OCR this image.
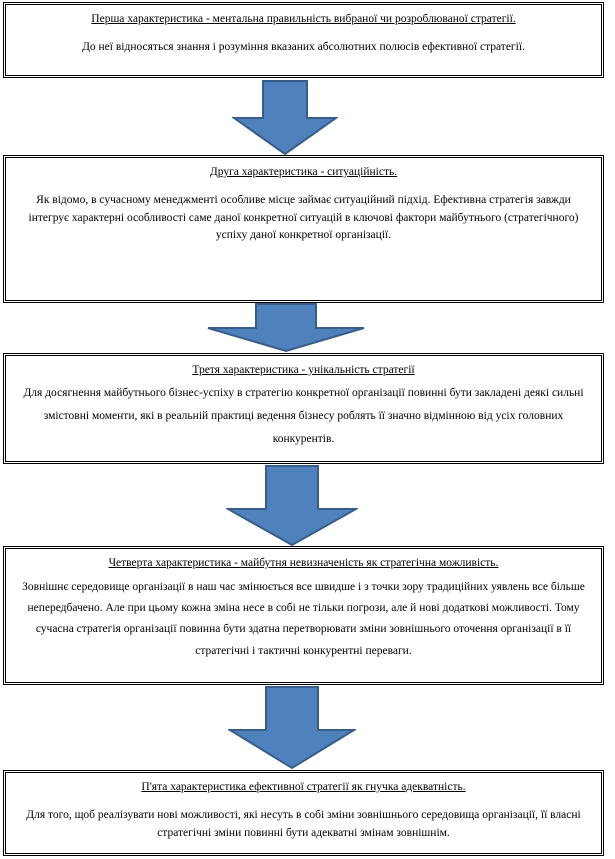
Перша характеристика - ментальна правильність вибраної чи розроблюваної стратегії.

До неї відносяться знання і розуміння вказаних абсолютних полюсів ефективної стратегії.

Друга характеристика - ситуаційність.

Як відомо, в сучасному менеджменті особливе місце займає ситуаційний підхід. Ефективна стратегія завжди інтегрує характерні особливості саме даної конкретної ситуацій в ключові фактори майбутнього (стратегічного) успіху даної конкретної організації.

Третя характеристика - унікальність стратегії

Для досягнення майбутнього бізнес-успіху в стратегію конкретної організації повинні бути закладені деякі сильні змістовні моменти, які в реальній практиці ведення бізнесу роблять її значно відмінною від усіх головних конкурентів.

Четверта характеристика - майбутня невизначеність як стратегічна можливість.

Зовнішнє середовище організації в наш час змінюється все швидше і з точки зору традиційних уявлень все більше непередбачено. Але при цьому кожна зміна несе в собі не тільки погрози, але й нові додаткові можливості. Тому сучасна стратегія організації повинна бути здатна перетворювати зміни зовнішнього оточення організації в її стратегічні і тактичні конкурентні переваги.

П'ята характеристика ефективної стратегії як гнучка адекватність.

Для того, щоб реалізувати нові можливості, які несуть в собі зміни зовнішнього середовища організації, її власні стратегічні зміни повинні бути адекватні змінам зовнішнім.
